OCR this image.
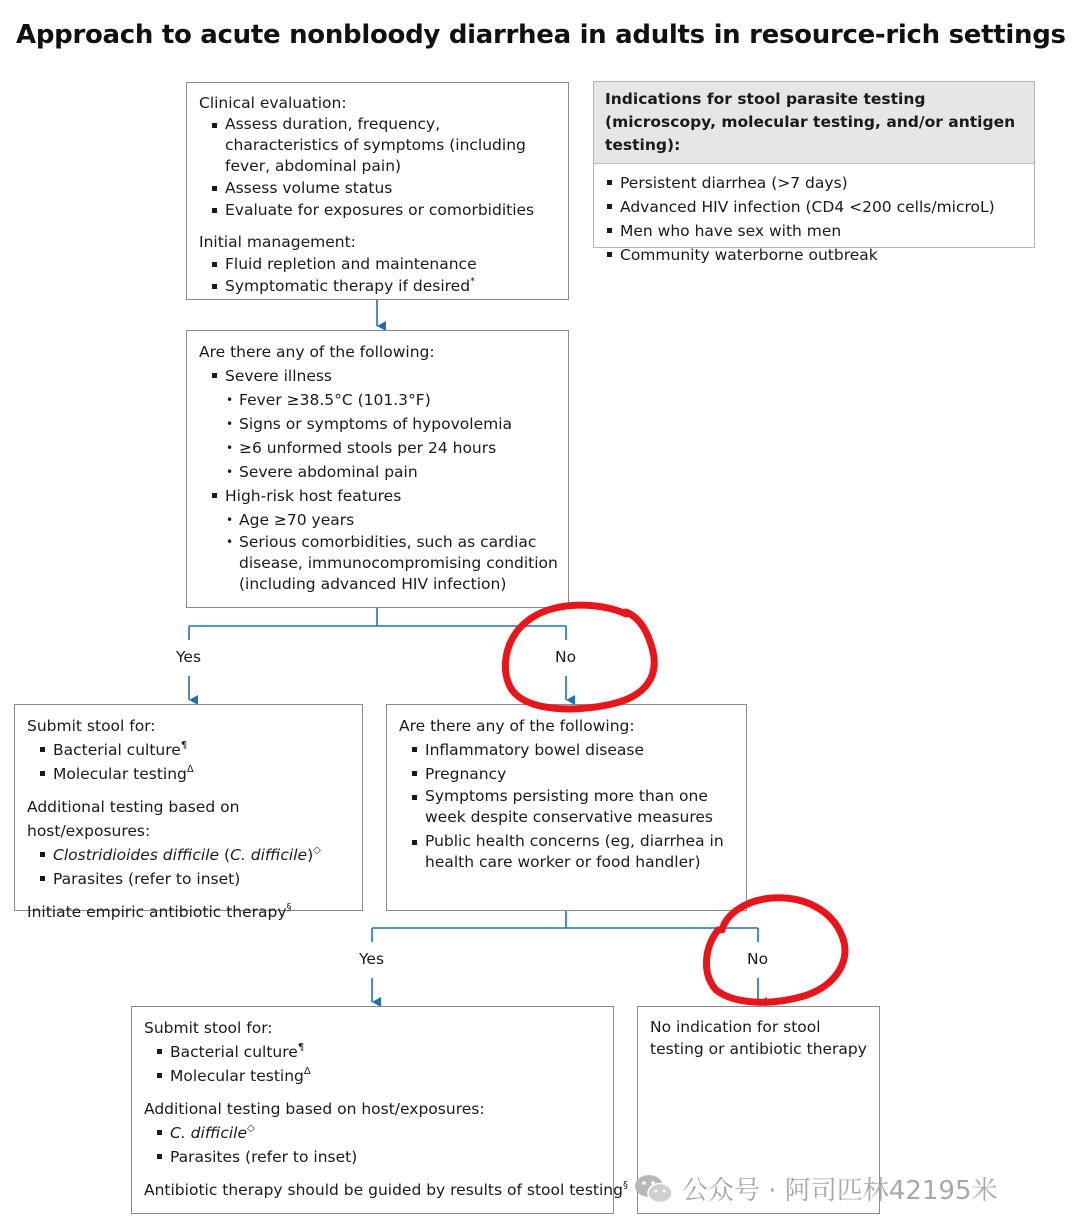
Approach to acute nonbloody diarrhea in adults in resource-rich settings
Clinical evaluation:
Assess duration, frequency, characteristics of symptoms (including fever, abdominal pain)
Assess volume status
Evaluate for exposures or comorbidities
Initial management:
Fluid repletion and maintenance
Symptomatic therapy if desired*
Indications for stool parasite testing (microscopy, molecular testing, and/or antigen testing):
Persistent diarrhea (>7 days)
Advanced HIV infection (CD4 <200 cells/microL)
Men who have sex with men
Community waterborne outbreak
Are there any of the following:
Severe illness
• Fever ≥38.5°C (101.3°F)
• Signs or symptoms of hypovolemia
• ≥6 unformed stools per 24 hours
• Severe abdominal pain
High-risk host features
• Age ≥70 years
• Serious comorbidities, such as cardiac disease, immunocompromising condition (including advanced HIV infection)
Yes	No
Yes	No
Submit stool for:
Bacterial culture¶
Molecular testing$^\Delta$
Additional testing based on host/exposures:
Clostridioides difficile (C. difficile)◇
Parasites (refer to inset)
Initiate empiric antibiotic therapy§
Are there any of the following:
Inflammatory bowel disease
Pregnancy
Symptoms persisting more than one week despite conservative measures
Public health concerns (eg, diarrhea in health care worker or food handler)
Submit stool for:
Bacterial culture¶
Molecular testing$^\Delta$
Additional testing based on host/exposures:
C. difficile◇
Parasites (refer to inset)
Antibiotic therapy should be guided by results of stool testing§
No indication for stool testing or antibiotic therapy
公众号 · 阿司匹林42195米
